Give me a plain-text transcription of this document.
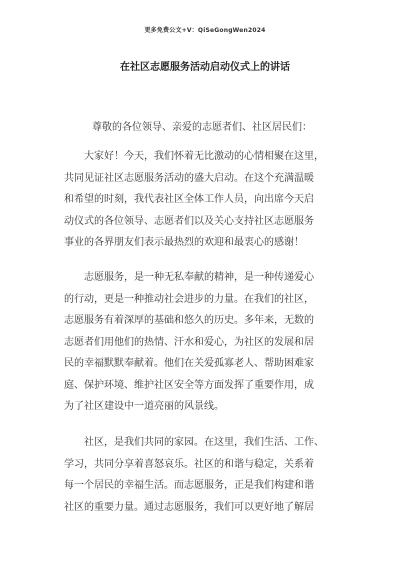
更多免费公文+V：QiSeGongWen2024
在社区志愿服务活动启动仪式上的讲话
尊敬的各位领导、亲爱的志愿者们、社区居民们：
　　大家好！今天，我们怀着无比激动的心情相聚在这里，
共同见证社区志愿服务活动的盛大启动。在这个充满温暖
和希望的时刻，我代表社区全体工作人员，向出席今天启
动仪式的各位领导、志愿者们以及关心支持社区志愿服务
事业的各界朋友们表示最热烈的欢迎和最衷心的感谢！
　　志愿服务，是一种无私奉献的精神，是一种传递爱心
的行动，更是一种推动社会进步的力量。在我们的社区，
志愿服务有着深厚的基础和悠久的历史。多年来，无数的
志愿者们用他们的热情、汗水和爱心，为社区的发展和居
民的幸福默默奉献着。他们在关爱孤寡老人、帮助困难家
庭、保护环境、维护社区安全等方面发挥了重要作用，成
为了社区建设中一道亮丽的风景线。
　　社区，是我们共同的家园。在这里，我们生活、工作、
学习，共同分享着喜怒哀乐。社区的和谐与稳定，关系着
每一个居民的幸福生活。而志愿服务，正是我们构建和谐
社区的重要力量。通过志愿服务，我们可以更好地了解居
